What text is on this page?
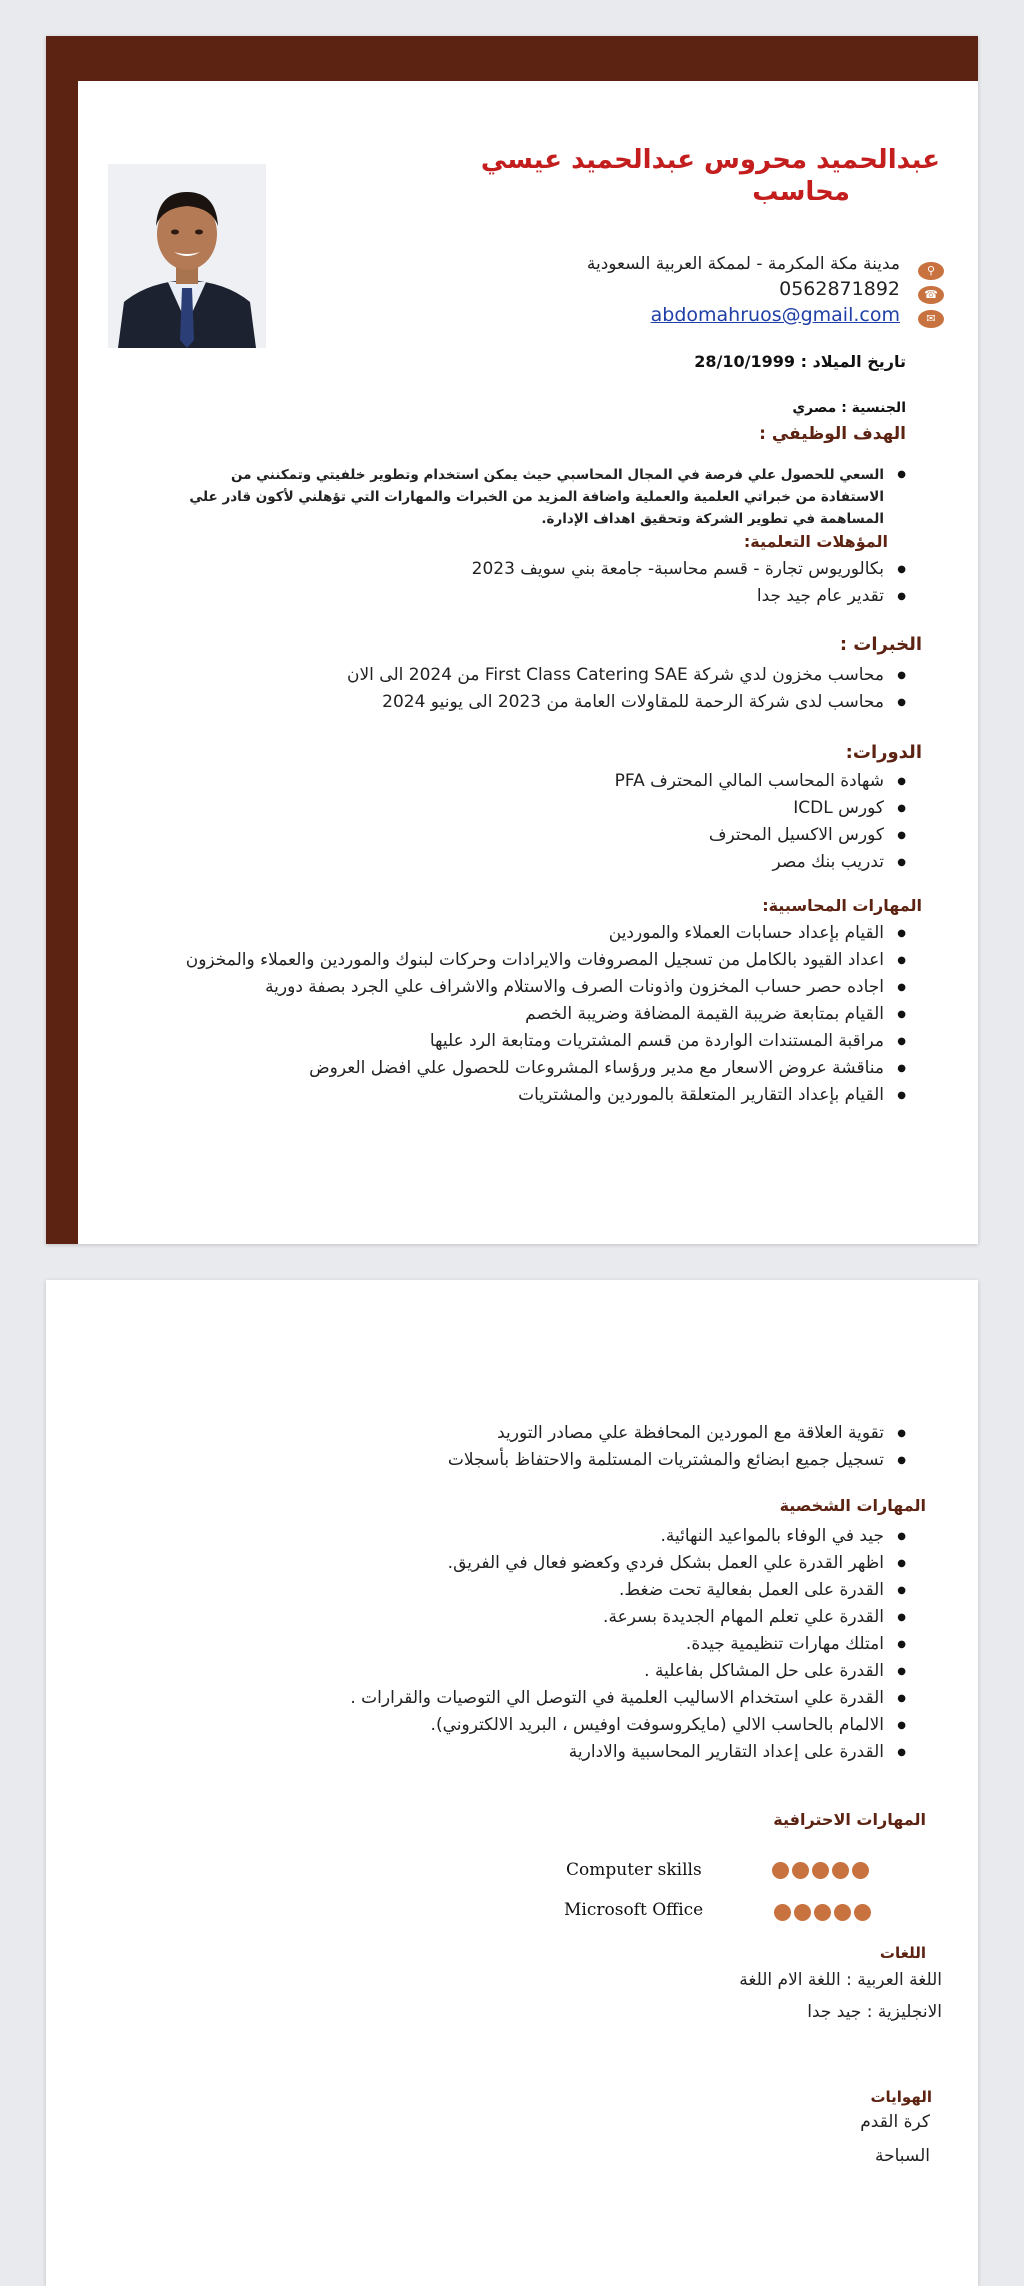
عبدالحميد محروس عبدالحميد عيسي
محاسب
مدينة مكة المكرمة - لممكة العربية السعودية
0562871892
abdomahruos@gmail.com
⚲
☎
✉
تاريخ الميلاد : 28/10/1999
الجنسية : مصري
الهدف الوظيفي :
● السعي للحصول علي فرصة في المجال المحاسبي حيث يمكن استخدام وتطوير خلفيتي وتمكنني من الاستفادة من خبراتي العلمية والعملية واضافة المزيد من الخبرات والمهارات التي تؤهلني لأكون قادر علي المساهمة في تطوير الشركة وتحقيق اهداف الإدارة.
المؤهلات التعلمية:
● بكالوريوس تجارة - قسم محاسبة- جامعة بني سويف 2023
● تقدير عام جيد جدا
الخبرات :
● محاسب مخزون لدي شركة First Class Catering SAE من 2024 الى الان
● محاسب لدى شركة الرحمة للمقاولات العامة من 2023 الى يونيو 2024
الدورات:
● شهادة المحاسب المالي المحترف PFA
● كورس ICDL
● كورس الاكسيل المحترف
● تدريب بنك مصر
المهارات المحاسبية:
● القيام بإعداد حسابات العملاء والموردين
● اعداد القيود بالكامل من تسجيل المصروفات والايرادات وحركات لبنوك والموردين والعملاء والمخزون
● اجاده حصر حساب المخزون واذونات الصرف والاستلام والاشراف علي الجرد بصفة دورية
● القيام بمتابعة ضريبة القيمة المضافة وضريبة الخصم
● مراقبة المستندات الواردة من قسم المشتريات ومتابعة الرد عليها
● مناقشة عروض الاسعار مع مدير ورؤساء المشروعات للحصول علي افضل العروض
● القيام بإعداد التقارير المتعلقة بالموردين والمشتريات
● تقوية العلاقة مع الموردين المحافظة علي مصادر التوريد
● تسجيل جميع ابضائع والمشتريات المستلمة والاحتفاظ بأسجلات
المهارات الشخصية
● جيد في الوفاء بالمواعيد النهائية.
● اظهر القدرة علي العمل بشكل فردي وكعضو فعال في الفريق.
● القدرة على العمل بفعالية تحت ضغط.
● القدرة علي تعلم المهام الجديدة بسرعة.
● امتلك مهارات تنظيمية جيدة.
● القدرة على حل المشاكل بفاعلية .
● القدرة علي استخدام الاساليب العلمية في التوصل الي التوصيات والقرارات .
● الالمام بالحاسب الالي (مايكروسوفت اوفيس ، البريد الالكتروني).
● القدرة على إعداد التقارير المحاسبية والادارية
المهارات الاحترافية
Computer skills
Microsoft Office
اللغات
اللغة العربية : اللغة الام اللغة
الانجليزية : جيد جدا
الهوايات
كرة القدم
السباحة
